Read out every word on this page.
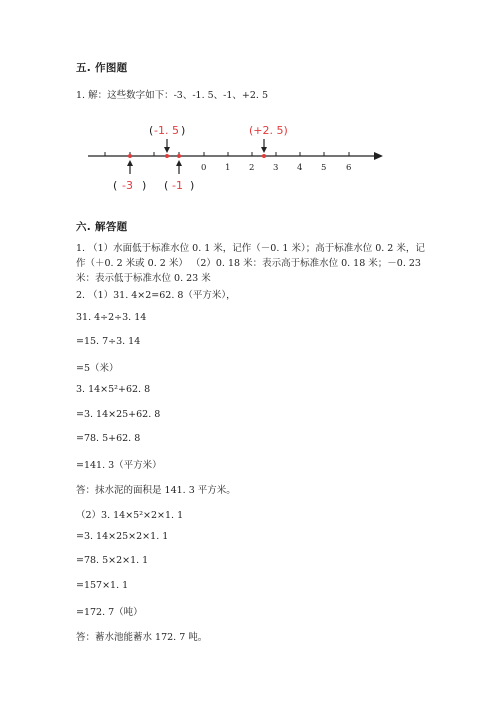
五. 作图题
1. 解：这些数字如下：-3、-1. 5、-1、+2. 5
0 1 2 3 4 5 6
( -1. 5 )	(+2. 5)
( -3 ) ( -1 )
六. 解答题
1. （1）水面低于标准水位 0. 1 米，记作（－0. 1 米）；高于标准水位 0. 2 米，记作（＋0. 2 米或 0. 2 米） （2）0. 18 米：表示高于标准水位 0. 18 米；－0. 23 米：表示低于标准水位 0. 23 米
2. （1）31. 4×2=62. 8（平方米），
31. 4÷2÷3. 14
=15. 7÷3. 14
=5（米）
3. 14×5²+62. 8
=3. 14×25+62. 8
=78. 5+62. 8
=141. 3（平方米）
答：抹水泥的面积是 141. 3 平方米。
（2）3. 14×5²×2×1. 1
=3. 14×25×2×1. 1
=78. 5×2×1. 1
=157×1. 1
=172. 7（吨）
答：蓄水池能蓄水 172. 7 吨。
